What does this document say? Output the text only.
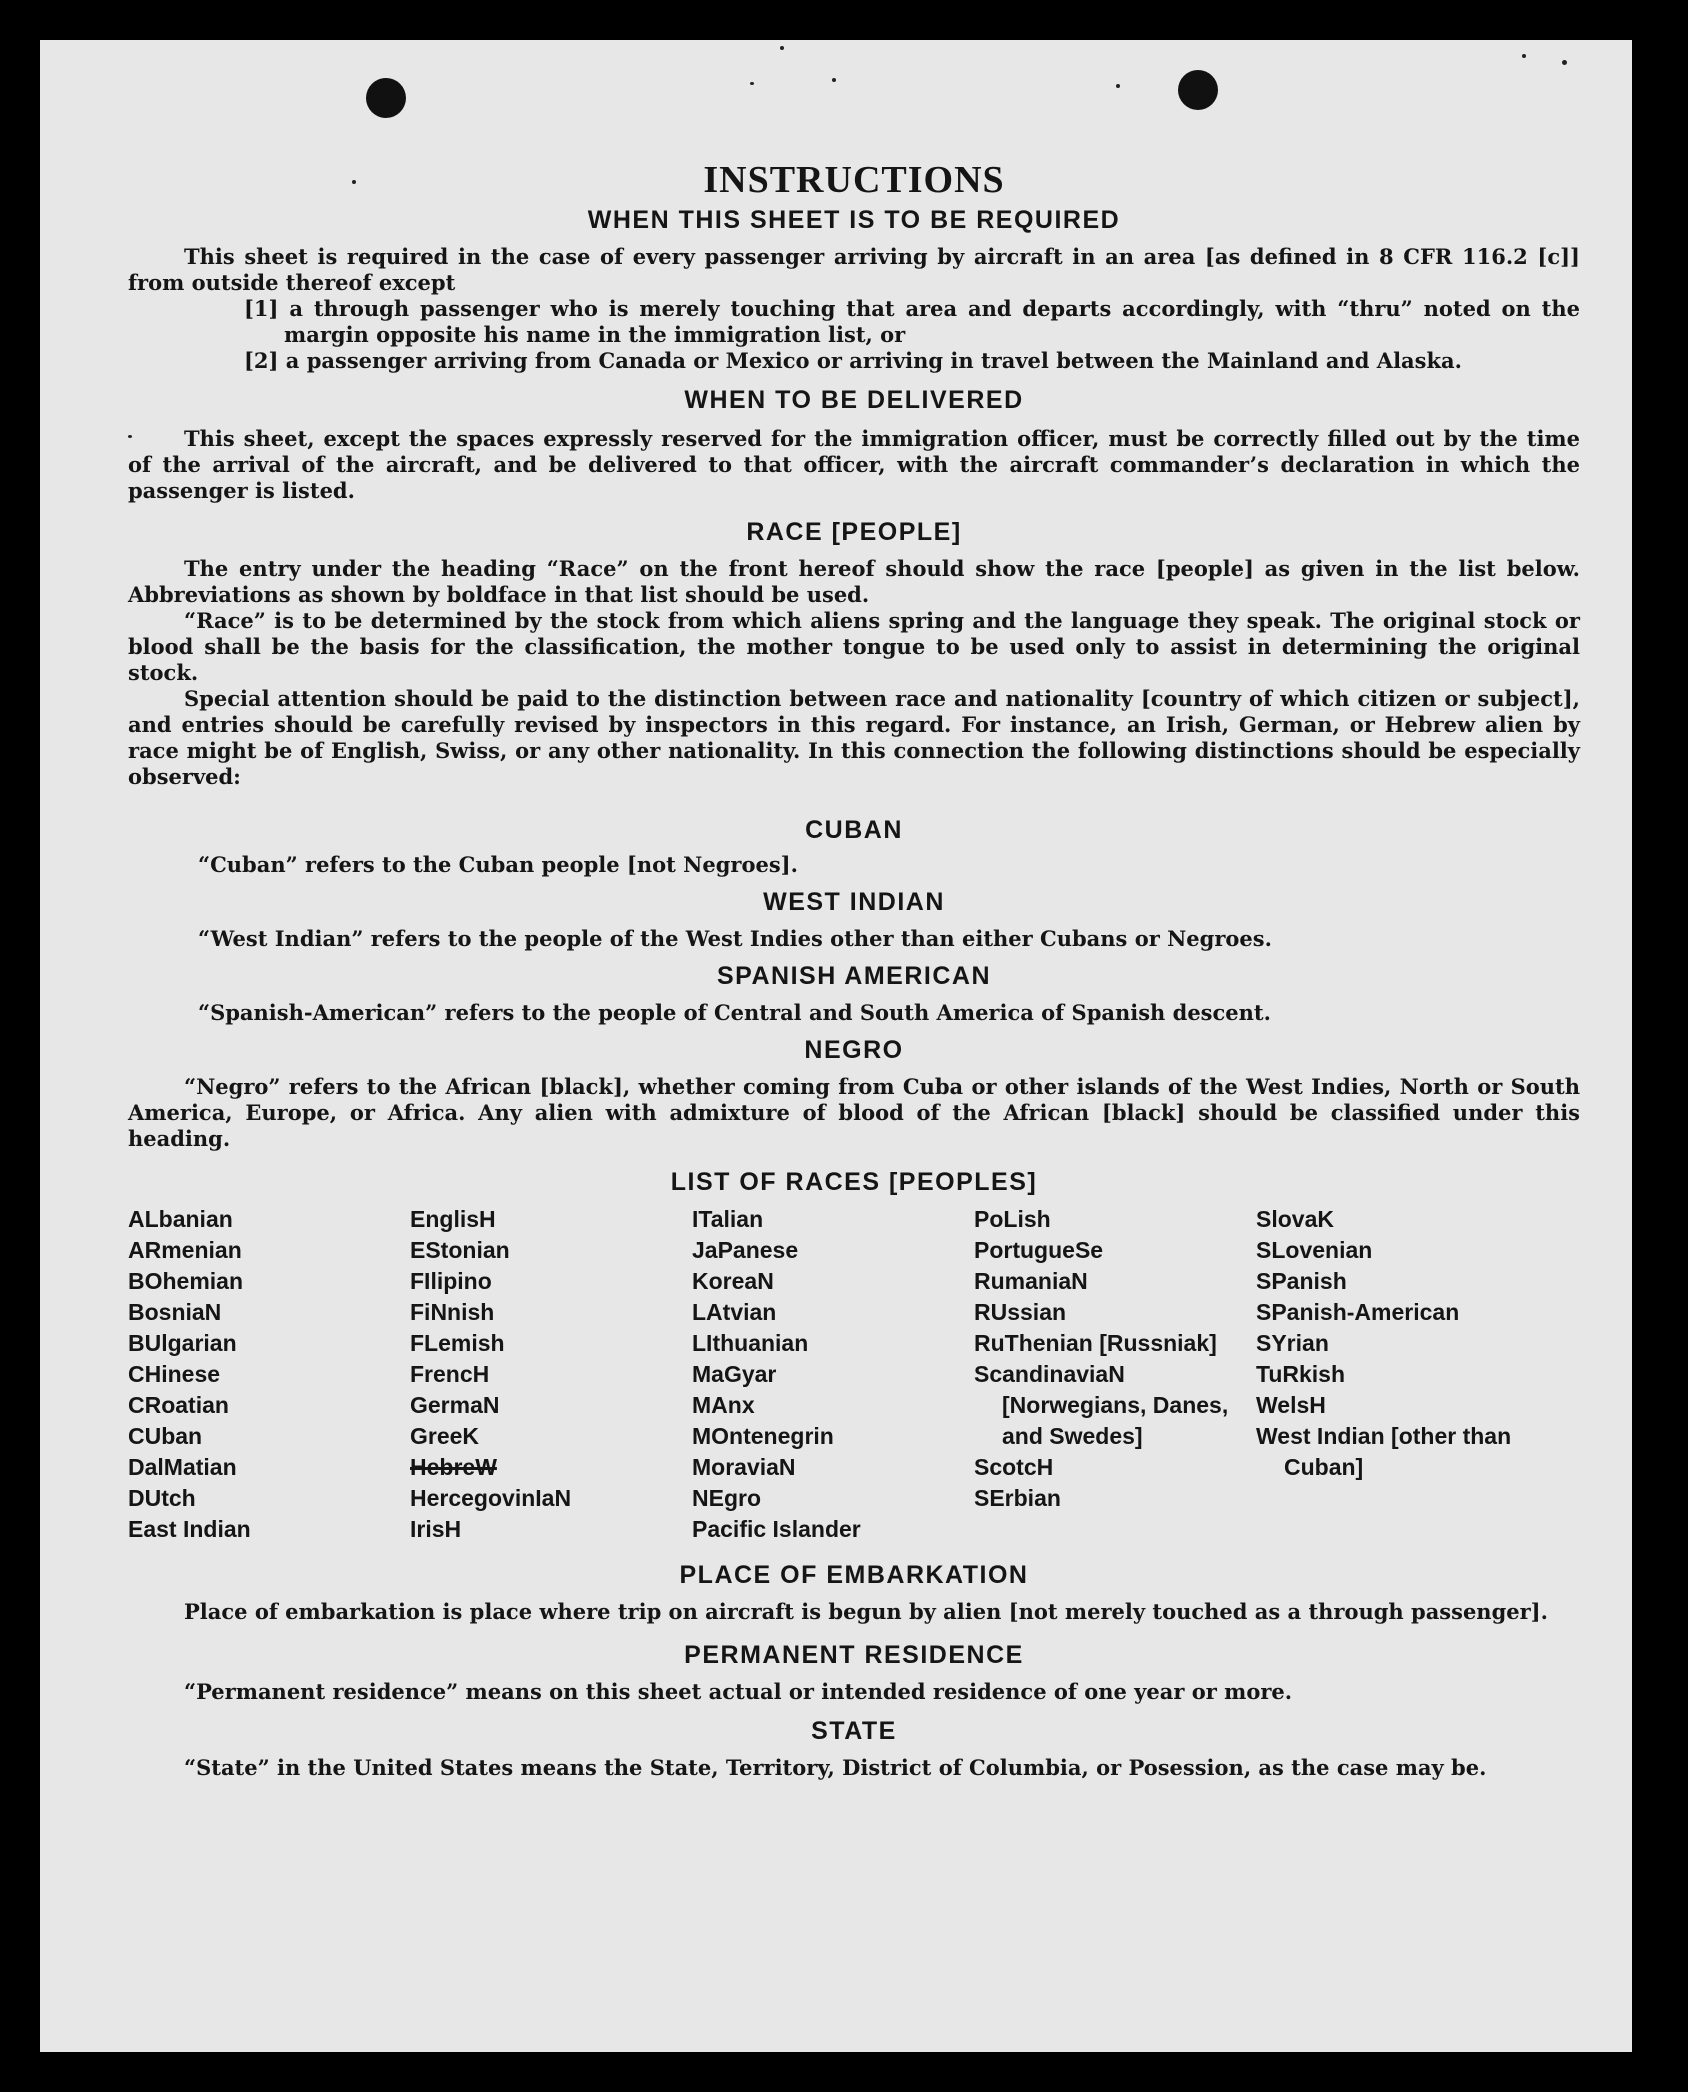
INSTRUCTIONS
WHEN THIS SHEET IS TO BE REQUIRED

This sheet is required in the case of every passenger arriving by aircraft in an area [as defined in 8 CFR 116.2 [c]] from outside thereof except

[1] a through passenger who is merely touching that area and departs accordingly, with “thru” noted on the margin opposite his name in the immigration list, or

[2] a passenger arriving from Canada or Mexico or arriving in travel between the Mainland and Alaska.

WHEN TO BE DELIVERED

This sheet, except the spaces expressly reserved for the immigration officer, must be correctly filled out by the time of the arrival of the aircraft, and be delivered to that officer, with the aircraft commander’s declaration in which the passenger is listed.

RACE [PEOPLE]

The entry under the heading “Race” on the front hereof should show the race [people] as given in the list below. Abbreviations as shown by boldface in that list should be used.

“Race” is to be determined by the stock from which aliens spring and the language they speak. The original stock or blood shall be the basis for the classification, the mother tongue to be used only to assist in determining the original stock.

Special attention should be paid to the distinction between race and nationality [country of which citizen or subject], and entries should be carefully revised by inspectors in this regard. For instance, an Irish, German, or Hebrew alien by race might be of English, Swiss, or any other nationality. In this connection the following distinctions should be especially observed:

CUBAN

“Cuban” refers to the Cuban people [not Negroes].

WEST INDIAN

“West Indian” refers to the people of the West Indies other than either Cubans or Negroes.

SPANISH AMERICAN

“Spanish-American” refers to the people of Central and South America of Spanish descent.

NEGRO

“Negro” refers to the African [black], whether coming from Cuba or other islands of the West Indies, North or South America, Europe, or Africa. Any alien with admixture of blood of the African [black] should be classified under this heading.

LIST OF RACES [PEOPLES]
ALbanian
ARmenian
BOhemian
BosniaN
BUlgarian
CHinese
CRoatian
CUban
DalMatian
DUtch
East Indian
EnglisH
EStonian
FIlipino
FiNnish
FLemish
FrencH
GermaN
GreeK
HebreW
HercegovinIaN
IrisH
ITalian
JaPanese
KoreaN
LAtvian
LIthuanian
MaGyar
MAnx
MOntenegrin
MoraviaN
NEgro
Pacific Islander
PoLish
PortugueSe
RumaniaN
RUssian
RuThenian [Russniak]
ScandinaviaN [Norwegians, Danes, and Swedes]
ScotcH
SErbian
SlovaK
SLovenian
SPanish
SPanish-American
SYrian
TuRkish
WelsH
West Indian [other than Cuban]
PLACE OF EMBARKATION

Place of embarkation is place where trip on aircraft is begun by alien [not merely touched as a through passenger].

PERMANENT RESIDENCE

“Permanent residence” means on this sheet actual or intended residence of one year or more.

STATE

“State” in the United States means the State, Territory, District of Columbia, or Posession, as the case may be.
